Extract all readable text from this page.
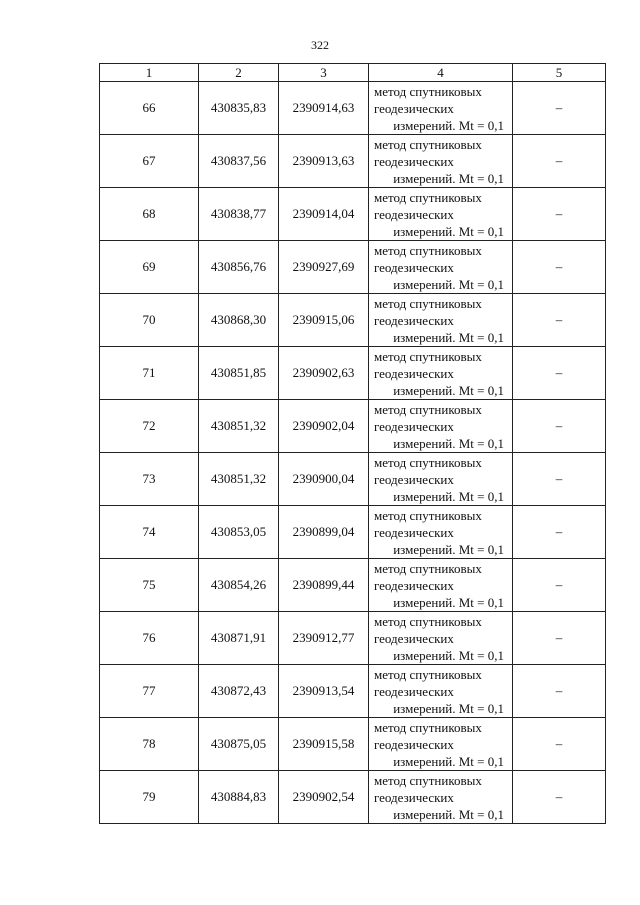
322
1	2	3	4	5
66	430835,83	2390914,63	метод спутниковых
геодезических
измерений. Mt = 0,1	–
67	430837,56	2390913,63	метод спутниковых
геодезических
измерений. Mt = 0,1	–
68	430838,77	2390914,04	метод спутниковых
геодезических
измерений. Mt = 0,1	–
69	430856,76	2390927,69	метод спутниковых
геодезических
измерений. Mt = 0,1	–
70	430868,30	2390915,06	метод спутниковых
геодезических
измерений. Mt = 0,1	–
71	430851,85	2390902,63	метод спутниковых
геодезических
измерений. Mt = 0,1	–
72	430851,32	2390902,04	метод спутниковых
геодезических
измерений. Mt = 0,1	–
73	430851,32	2390900,04	метод спутниковых
геодезических
измерений. Mt = 0,1	–
74	430853,05	2390899,04	метод спутниковых
геодезических
измерений. Mt = 0,1	–
75	430854,26	2390899,44	метод спутниковых
геодезических
измерений. Mt = 0,1	–
76	430871,91	2390912,77	метод спутниковых
геодезических
измерений. Mt = 0,1	–
77	430872,43	2390913,54	метод спутниковых
геодезических
измерений. Mt = 0,1	–
78	430875,05	2390915,58	метод спутниковых
геодезических
измерений. Mt = 0,1	–
79	430884,83	2390902,54	метод спутниковых
геодезических
измерений. Mt = 0,1	–
